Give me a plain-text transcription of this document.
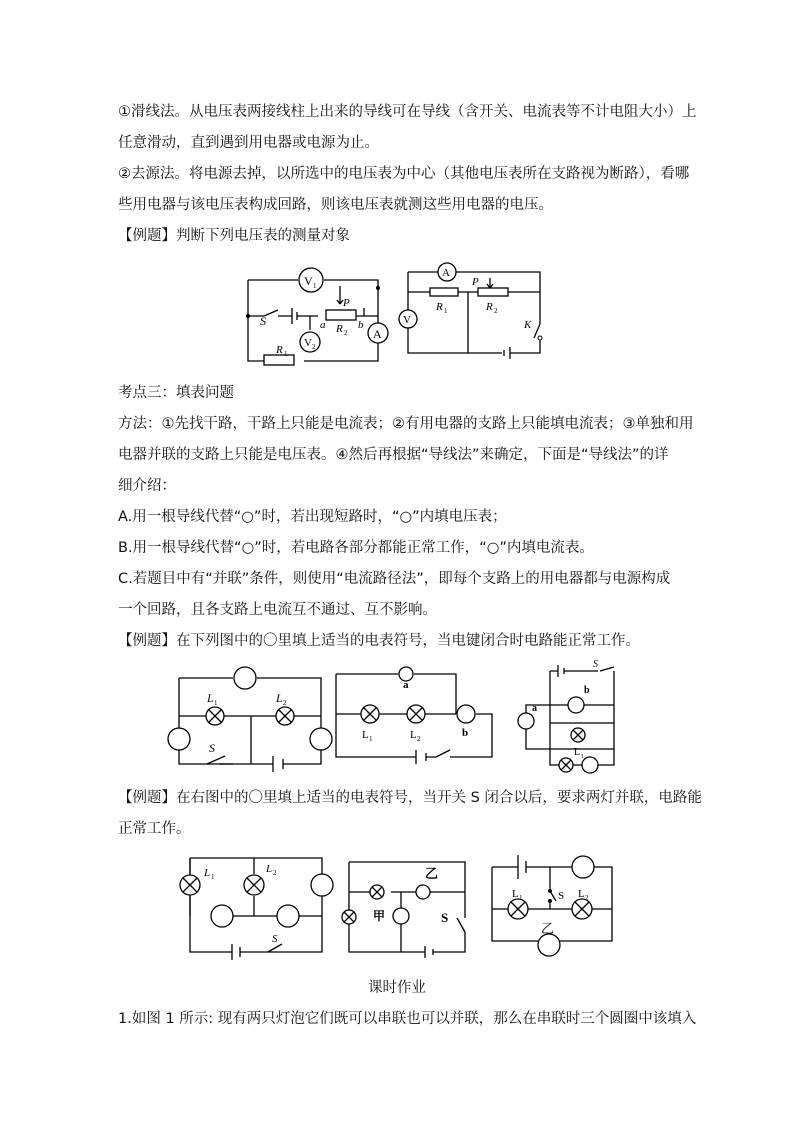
①滑线法。从电压表两接线柱上出来的导线可在导线（含开关、电流表等不计电阻大小）上
任意滑动，直到遇到用电器或电源为止。
②去源法。将电源去掉，以所选中的电压表为中心（其他电压表所在支路视为断路），看哪
些用电器与该电压表构成回路，则该电压表就测这些用电器的电压。
【例题】判断下列电压表的测量对象
V 1
S
P
R 2
a	b
A
V 2
R 1
A
P
R 1	R 2
V	K
考点三：填表问题
方法：①先找干路，干路上只能是电流表；②有用电器的支路上只能填电流表；③单独和用
电器并联的支路上只能是电压表。④然后再根据“导线法”来确定，下面是“导线法”的详
细介绍：
A.用一根导线代替“○”时，若出现短路时，“○”内填电压表；
B.用一根导线代替“○”时，若电路各部分都能正常工作，“○”内填电流表。
C.若题目中有“并联”条件，则使用“电流路径法”，即每个支路上的用电器都与电源构成
一个回路，且各支路上电流互不通过、互不影响。
【例题】在下列图中的〇里填上适当的电表符号，当电键闭合时电路能正常工作。
L 1	L 2
S
a
L 1	L 2	b
S
b
a
L 1
【例题】在右图中的〇里填上适当的电表符号，当开关 S 闭合以后，要求两灯并联，电路能
正常工作。
L 1
L 2
S
乙
甲	S
L 1	S L 2
乙
课时作业
1.如图 1 所示: 现有两只灯泡它们既可以串联也可以并联，那么在串联时三个圆圈中该填入
